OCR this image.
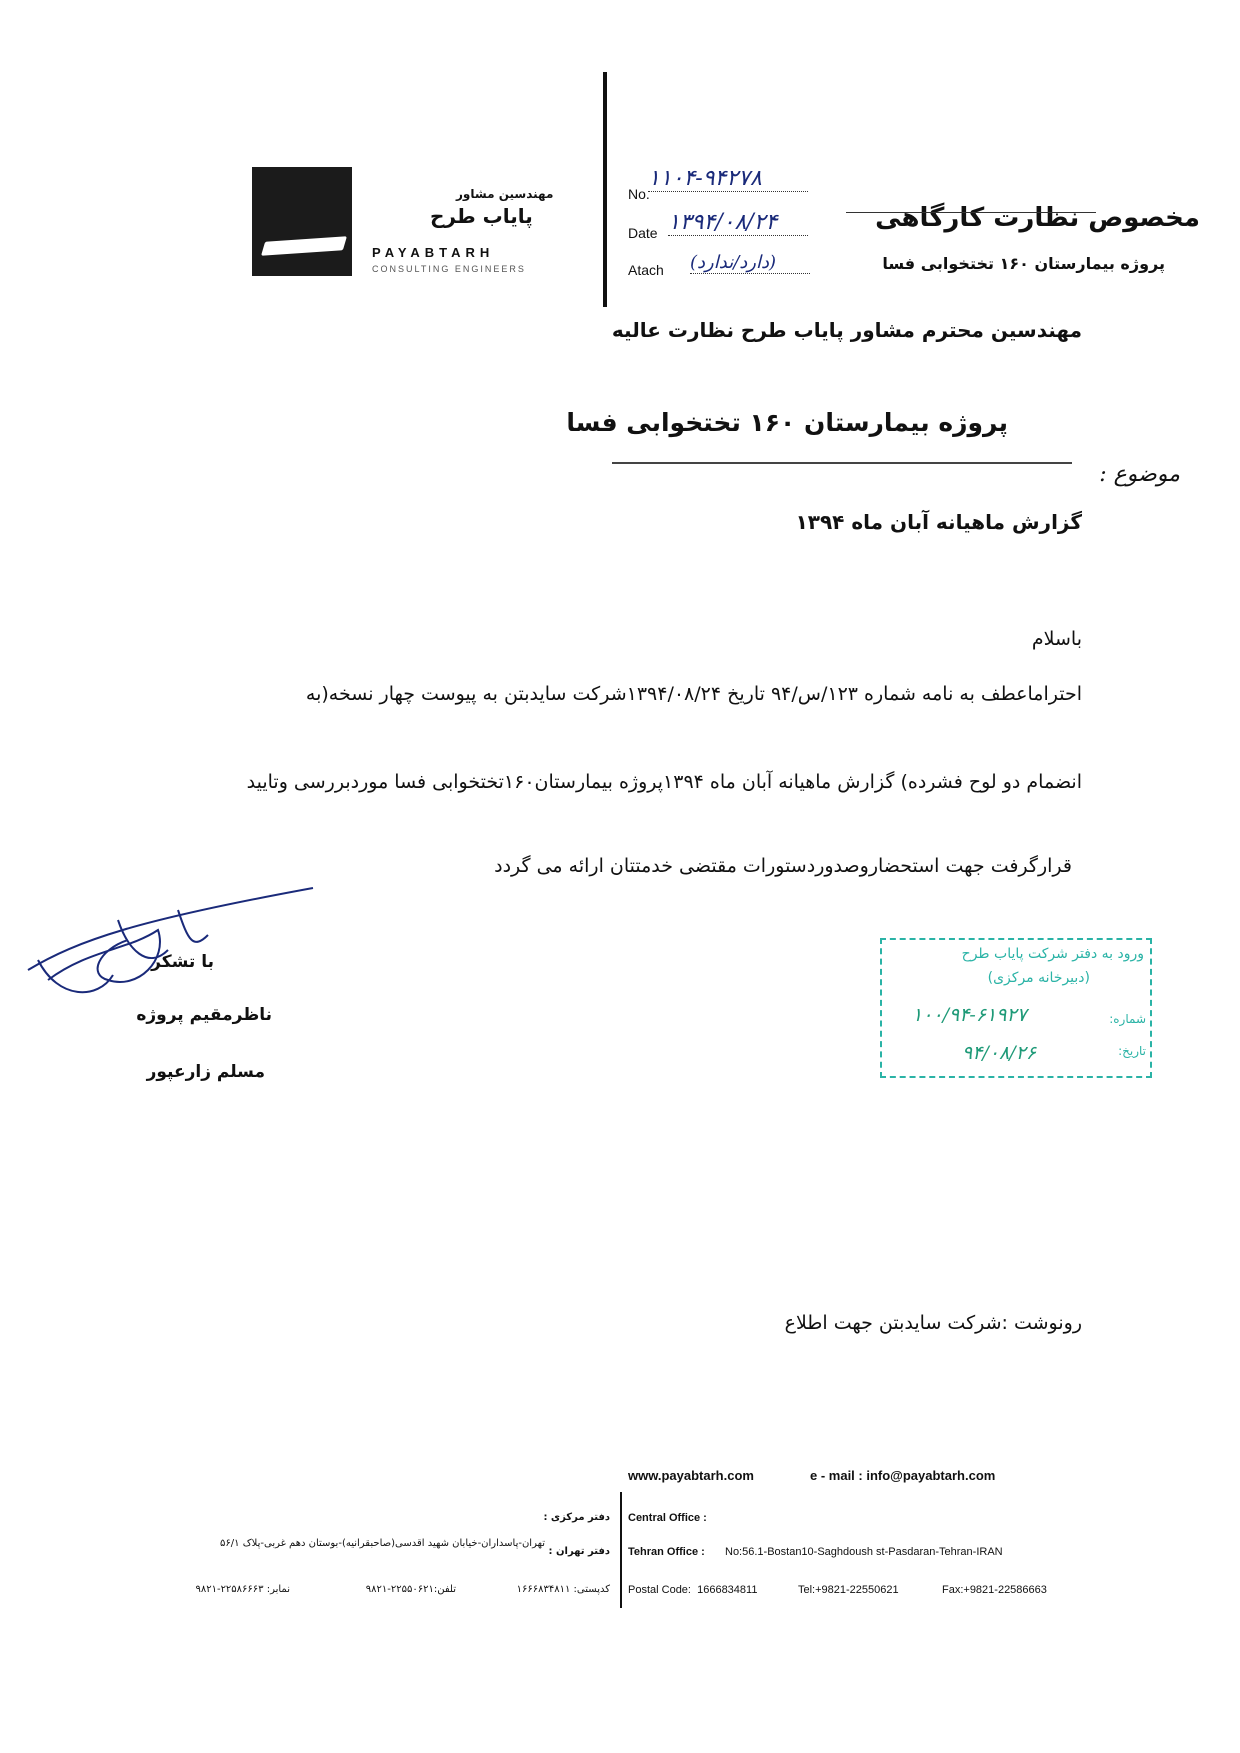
مهندسین مشاور
پایاب طرح
PAYABTARH
CONSULTING ENGINEERS
No.
۱۱۰۴-۹۴۲۷۸
Date ۱۳۹۴/۰۸/۲۴
Atach (دارد/ندارد)
مخصوص نظارت کارگاهی
پروژه بیمارستان ۱۶۰ تختخوابی فسا
مهندسین محترم مشاور پایاب طرح نظارت عالیه
پروژه بیمارستان ۱۶۰ تختخوابی فسا
موضوع :
گزارش ماهیانه آبان ماه ۱۳۹۴
باسلام
احتراماعطف به نامه شماره ۱۲۳/س/۹۴ تاریخ ۱۳۹۴/۰۸/۲۴شرکت سایدبتن به پیوست چهار نسخه(به
انضمام دو لوح فشرده) گزارش ماهیانه آبان ماه ۱۳۹۴پروژه بیمارستان۱۶۰تختخوابی فسا موردبررسی وتایید
قرارگرفت جهت استحضاروصدوردستورات مقتضی خدمتتان ارائه می گردد
با تشکر
ناظرمقیم پروژه
مسلم زارعپور
ورود به دفتر شرکت پایاب طرح
(دبیرخانه مرکزی)
شماره:
۱۰۰/۹۴-۶۱۹۲۷
تاریخ:
۹۴/۰۸/۲۶
رونوشت :شرکت سایدبتن جهت اطلاع
www.payabtarh.com	e - mail : info@payabtarh.com
دفتر مرکزی :
دفتر تهران :
تهران-پاسداران-خیابان شهید اقدسی(صاحبقرانیه)-بوستان دهم غربی-پلاک ۵۶/۱
کدپستی: ۱۶۶۶۸۳۴۸۱۱
تلفن:۲۲۵۵۰۶۲۱-۹۸۲۱
نمابر: ۲۲۵۸۶۶۶۳-۹۸۲۱
Central Office :
Tehran Office : No:56.1-Bostan10-Saghdoush st-Pasdaran-Tehran-IRAN
Postal Code:  1666834811	Tel:+9821-22550621	Fax:+9821-22586663
